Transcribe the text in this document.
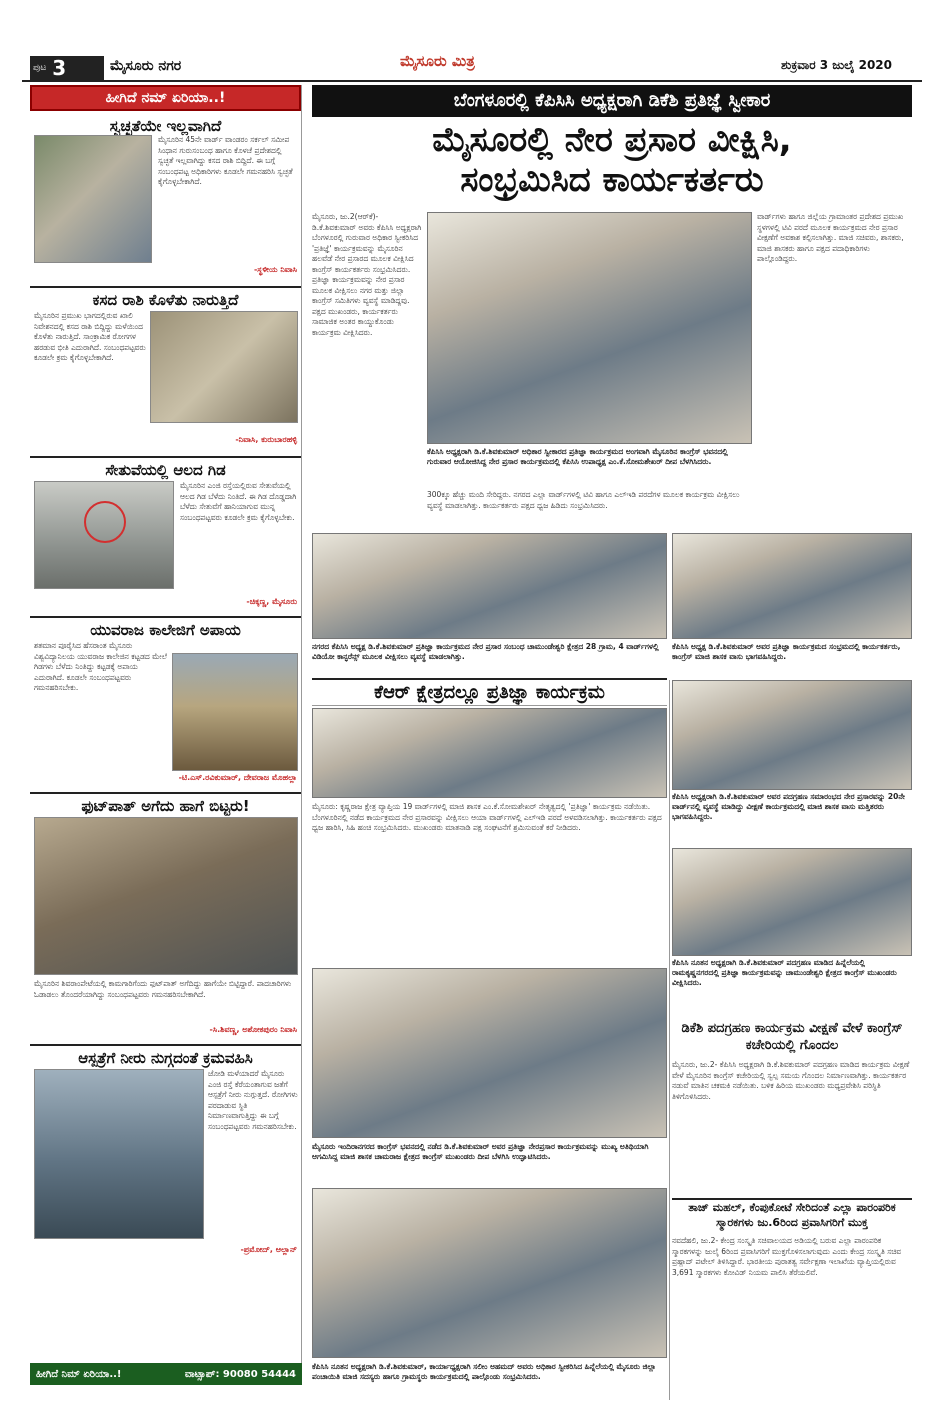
ಪುಟ 3	ಮೈಸೂರು ನಗರ	ಮೈಸೂರು ಮಿತ್ರ	ಶುಕ್ರವಾರ 3 ಜುಲೈ 2020
ಹೀಗಿದೆ ನಮ್ ಏರಿಯಾ..!
ಸ್ವಚ್ಛತೆಯೇ ಇಲ್ಲವಾಗಿದೆ
ಮೈಸೂರಿನ 45ನೇ ವಾರ್ಡ್ ವಾಂಡರಂ ಸರ್ಕಲ್ ಸಮೀಪ ಸಿಂಧಾನ ಗುರುಸಂಬಂಧ ಹಾಗೂ ಕೊಳಚೆ ಪ್ರದೇಶದಲ್ಲಿ ಸ್ವಚ್ಛತೆ ಇಲ್ಲವಾಗಿದ್ದು ಕಸದ ರಾಶಿ ಬಿದ್ದಿದೆ. ಈ ಬಗ್ಗೆ ಸಂಬಂಧಪಟ್ಟ ಅಧಿಕಾರಿಗಳು ಕೂಡಲೇ ಗಮನಹರಿಸಿ ಸ್ವಚ್ಛತೆ ಕೈಗೊಳ್ಳಬೇಕಾಗಿದೆ.
-ಸ್ಥಳೀಯ ನಿವಾಸಿ
ಕಸದ ರಾಶಿ ಕೊಳೆತು ನಾರುತ್ತಿದೆ
ಮೈಸೂರಿನ ಪ್ರಮುಖ ಭಾಗದಲ್ಲಿರುವ ಖಾಲಿ ನಿವೇಶನದಲ್ಲಿ ಕಸದ ರಾಶಿ ಬಿದ್ದಿದ್ದು ಮಳೆಯಿಂದ ಕೊಳೆತು ನಾರುತ್ತಿದೆ. ಸಾಂಕ್ರಾಮಿಕ ರೋಗಗಳ ಹರಡುವ ಭೀತಿ ಎದುರಾಗಿದೆ. ಸಂಬಂಧಪಟ್ಟವರು ಕೂಡಲೇ ಕ್ರಮ ಕೈಗೊಳ್ಳಬೇಕಾಗಿದೆ.
-ನಿವಾಸಿ, ಕುರುಬಾರಹಳ್ಳಿ
ಸೇತುವೆಯಲ್ಲಿ ಆಲದ ಗಿಡ
ಮೈಸೂರಿನ ಎಂಜಿ ರಸ್ತೆಯಲ್ಲಿರುವ ಸೇತುವೆಯಲ್ಲಿ ಆಲದ ಗಿಡ ಬೆಳೆದು ನಿಂತಿದೆ. ಈ ಗಿಡ ದೊಡ್ಡದಾಗಿ ಬೆಳೆದು ಸೇತುವೆಗೆ ಹಾನಿಯಾಗುವ ಮುನ್ನ ಸಂಬಂಧಪಟ್ಟವರು ಕೂಡಲೇ ಕ್ರಮ ಕೈಗೊಳ್ಳಬೇಕು.
-ಚಿಕ್ಕಣ್ಣ, ಮೈಸೂರು
ಯುವರಾಜ ಕಾಲೇಜಿಗೆ ಅಪಾಯ
ಶತಮಾನ ಪೂರೈಸಿದ ಹೆಸರಾಂತ ಮೈಸೂರು ವಿಶ್ವವಿದ್ಯಾನಿಲಯ ಯುವರಾಜ ಕಾಲೇಜಿನ ಕಟ್ಟಡದ ಮೇಲೆ ಗಿಡಗಳು ಬೆಳೆದು ನಿಂತಿದ್ದು ಕಟ್ಟಡಕ್ಕೆ ಅಪಾಯ ಎದುರಾಗಿದೆ. ಕೂಡಲೇ ಸಂಬಂಧಪಟ್ಟವರು ಗಮನಹರಿಸಬೇಕು.
-ಟಿ.ಎಸ್.ರವಿಕುಮಾರ್, ದೇವರಾಜ ಮೊಹಲ್ಲಾ
ಫುಟ್‌ಪಾತ್ ಅಗೆದು ಹಾಗೆ ಬಿಟ್ಟರು!
ಮೈಸೂರಿನ ಶಿವರಾಂಪೇಟೆಯಲ್ಲಿ ಕಾಮಗಾರಿಗೆಂದು ಫುಟ್‌ಪಾತ್ ಅಗೆದಿದ್ದು ಹಾಗೆಯೇ ಬಿಟ್ಟಿದ್ದಾರೆ. ಪಾದಚಾರಿಗಳು ಓಡಾಡಲು ತೊಂದರೆಯಾಗಿದ್ದು ಸಂಬಂಧಪಟ್ಟವರು ಗಮನಹರಿಸಬೇಕಾಗಿದೆ.
-ಸಿ.ಶಿವಣ್ಣ, ಅಶೋಕಪುರಂ ನಿವಾಸಿ
ಆಸ್ಪತ್ರೆಗೆ ನೀರು ನುಗ್ಗದಂತೆ ಕ್ರಮವಹಿಸಿ
ಜೋಡಿ ಮಳೆಯಾದರೆ ಮೈಸೂರು ಎಂಜಿ ರಸ್ತೆ ಕೆರೆಯಂತಾಗುವ ಜತೆಗೆ ಆಸ್ಪತ್ರೆಗೆ ನೀರು ನುಗ್ಗುತ್ತದೆ. ರೋಗಿಗಳು ಪರದಾಡುವ ಸ್ಥಿತಿ ನಿರ್ಮಾಣವಾಗುತ್ತಿದ್ದು ಈ ಬಗ್ಗೆ ಸಂಬಂಧಪಟ್ಟವರು ಗಮನಹರಿಸಬೇಕು.
-ಪ್ರಮೋದ್, ಆಲ್ಲಾನ್
ಹೀಗಿದೆ ನಿಮ್ ಏರಿಯಾ..!	ವಾಟ್ಸಾಪ್: 90080 54444
ಬೆಂಗಳೂರಲ್ಲಿ ಕೆಪಿಸಿಸಿ ಅಧ್ಯಕ್ಷರಾಗಿ ಡಿಕೆಶಿ ಪ್ರತಿಜ್ಞೆ ಸ್ವೀಕಾರ
ಮೈಸೂರಲ್ಲಿ ನೇರ ಪ್ರಸಾರ ವೀಕ್ಷಿಸಿ,
ಸಂಭ್ರಮಿಸಿದ ಕಾರ್ಯಕರ್ತರು
ಮೈಸೂರು, ಜು.2(ಆರ್‌ಕೆ)- ಡಿ.ಕೆ.ಶಿವಕುಮಾರ್ ಅವರು ಕೆಪಿಸಿಸಿ ಅಧ್ಯಕ್ಷರಾಗಿ ಬೆಂಗಳೂರಲ್ಲಿ ಗುರುವಾರ ಅಧಿಕಾರ ಸ್ವೀಕರಿಸಿದ 'ಪ್ರತಿಜ್ಞೆ' ಕಾರ್ಯಕ್ರಮವನ್ನು ಮೈಸೂರಿನ ಹಲವೆಡೆ ನೇರ ಪ್ರಸಾರದ ಮೂಲಕ ವೀಕ್ಷಿಸಿದ ಕಾಂಗ್ರೆಸ್ ಕಾರ್ಯಕರ್ತರು ಸಂಭ್ರಮಿಸಿದರು. ಪ್ರತಿಜ್ಞಾ ಕಾರ್ಯಕ್ರಮವನ್ನು ನೇರ ಪ್ರಸಾರ ಮೂಲಕ ವೀಕ್ಷಿಸಲು ನಗರ ಮತ್ತು ಜಿಲ್ಲಾ ಕಾಂಗ್ರೆಸ್ ಸಮಿತಿಗಳು ವ್ಯವಸ್ಥೆ ಮಾಡಿದ್ದವು. ಪಕ್ಷದ ಮುಖಂಡರು, ಕಾರ್ಯಕರ್ತರು ಸಾಮಾಜಿಕ ಅಂತರ ಕಾಯ್ದುಕೊಂಡು ಕಾರ್ಯಕ್ರಮ ವೀಕ್ಷಿಸಿದರು.
ಕೆಪಿಸಿಸಿ ಅಧ್ಯಕ್ಷರಾಗಿ ಡಿ.ಕೆ.ಶಿವಕುಮಾರ್ ಅಧಿಕಾರ ಸ್ವೀಕಾರದ ಪ್ರತಿಜ್ಞಾ ಕಾರ್ಯಕ್ರಮದ ಅಂಗವಾಗಿ ಮೈಸೂರಿನ ಕಾಂಗ್ರೆಸ್ ಭವನದಲ್ಲಿ ಗುರುವಾರ ಆಯೋಜಿಸಿದ್ದ ನೇರ ಪ್ರಸಾರ ಕಾರ್ಯಕ್ರಮದಲ್ಲಿ ಕೆಪಿಸಿಸಿ ಉಪಾಧ್ಯಕ್ಷ ಎಂ.ಕೆ.ಸೋಮಶೇಖರ್ ದೀಪ ಬೆಳಗಿಸಿದರು.
300ಕ್ಕೂ ಹೆಚ್ಚು ಮಂದಿ ಸೇರಿದ್ದರು. ನಗರದ ಎಲ್ಲಾ ವಾರ್ಡ್‌ಗಳಲ್ಲಿ ಟಿವಿ ಹಾಗೂ ಎಲ್‌ಇಡಿ ಪರದೆಗಳ ಮೂಲಕ ಕಾರ್ಯಕ್ರಮ ವೀಕ್ಷಿಸಲು ವ್ಯವಸ್ಥೆ ಮಾಡಲಾಗಿತ್ತು. ಕಾರ್ಯಕರ್ತರು ಪಕ್ಷದ ಧ್ವಜ ಹಿಡಿದು ಸಂಭ್ರಮಿಸಿದರು.
ವಾರ್ಡ್‌ಗಳು ಹಾಗೂ ಜಿಲ್ಲೆಯ ಗ್ರಾಮಾಂತರ ಪ್ರದೇಶದ ಪ್ರಮುಖ ಸ್ಥಳಗಳಲ್ಲಿ ಟಿವಿ ಪರದೆ ಮೂಲಕ ಕಾರ್ಯಕ್ರಮದ ನೇರ ಪ್ರಸಾರ ವೀಕ್ಷಣೆಗೆ ಅವಕಾಶ ಕಲ್ಪಿಸಲಾಗಿತ್ತು. ಮಾಜಿ ಸಚಿವರು, ಶಾಸಕರು, ಮಾಜಿ ಶಾಸಕರು ಹಾಗೂ ಪಕ್ಷದ ಪದಾಧಿಕಾರಿಗಳು ಪಾಲ್ಗೊಂಡಿದ್ದರು.
ನಗರದ ಕೆಪಿಸಿಸಿ ಅಧ್ಯಕ್ಷ ಡಿ.ಕೆ.ಶಿವಕುಮಾರ್ ಪ್ರತಿಜ್ಞಾ ಕಾರ್ಯಕ್ರಮದ ನೇರ ಪ್ರಸಾರ ಸಂಬಂಧ ಚಾಮುಂಡೇಶ್ವರಿ ಕ್ಷೇತ್ರದ 28 ಗ್ರಾಮ, 4 ವಾರ್ಡ್‌ಗಳಲ್ಲಿ ವಿಡಿಯೋ ಕಾನ್ಫರೆನ್ಸ್ ಮೂಲಕ ವೀಕ್ಷಿಸಲು ವ್ಯವಸ್ಥೆ ಮಾಡಲಾಗಿತ್ತು.
ಕೆಪಿಸಿಸಿ ಅಧ್ಯಕ್ಷ ಡಿ.ಕೆ.ಶಿವಕುಮಾರ್ ಅವರ ಪ್ರತಿಜ್ಞಾ ಕಾರ್ಯಕ್ರಮದ ಸಂಭ್ರಮದಲ್ಲಿ ಕಾರ್ಯಕರ್ತರು, ಕಾಂಗ್ರೆಸ್ ಮಾಜಿ ಶಾಸಕ ವಾಸು ಭಾಗವಹಿಸಿದ್ದರು.
ಕೆಆರ್ ಕ್ಷೇತ್ರದಲ್ಲೂ ಪ್ರತಿಜ್ಞಾ ಕಾರ್ಯಕ್ರಮ
ಮೈಸೂರು: ಕೃಷ್ಣರಾಜ ಕ್ಷೇತ್ರ ವ್ಯಾಪ್ತಿಯ 19 ವಾರ್ಡ್‌ಗಳಲ್ಲಿ ಮಾಜಿ ಶಾಸಕ ಎಂ.ಕೆ.ಸೋಮಶೇಖರ್ ನೇತೃತ್ವದಲ್ಲಿ 'ಪ್ರತಿಜ್ಞಾ' ಕಾರ್ಯಕ್ರಮ ನಡೆಯಿತು. ಬೆಂಗಳೂರಿನಲ್ಲಿ ನಡೆದ ಕಾರ್ಯಕ್ರಮದ ನೇರ ಪ್ರಸಾರವನ್ನು ವೀಕ್ಷಿಸಲು ಆಯಾ ವಾರ್ಡ್‌ಗಳಲ್ಲಿ ಎಲ್‌ಇಡಿ ಪರದೆ ಅಳವಡಿಸಲಾಗಿತ್ತು. ಕಾರ್ಯಕರ್ತರು ಪಕ್ಷದ ಧ್ವಜ ಹಾರಿಸಿ, ಸಿಹಿ ಹಂಚಿ ಸಂಭ್ರಮಿಸಿದರು. ಮುಖಂಡರು ಮಾತನಾಡಿ ಪಕ್ಷ ಸಂಘಟನೆಗೆ ಶ್ರಮಿಸುವಂತೆ ಕರೆ ನೀಡಿದರು.
ಮೈಸೂರು ಇಂದಿರಾನಗರದ ಕಾಂಗ್ರೆಸ್ ಭವನದಲ್ಲಿ ನಡೆದ ಡಿ.ಕೆ.ಶಿವಕುಮಾರ್ ಅವರ ಪ್ರತಿಜ್ಞಾ ನೇರಪ್ರಸಾರ ಕಾರ್ಯಕ್ರಮವನ್ನು ಮುಖ್ಯ ಅತಿಥಿಯಾಗಿ ಆಗಮಿಸಿದ್ದ ಮಾಜಿ ಶಾಸಕ ಚಾಮರಾಜ ಕ್ಷೇತ್ರದ ಕಾಂಗ್ರೆಸ್ ಮುಖಂಡರು ದೀಪ ಬೆಳಗಿಸಿ ಉದ್ಘಾಟಿಸಿದರು.
ಕೆಪಿಸಿಸಿ ನೂತನ ಅಧ್ಯಕ್ಷರಾಗಿ ಡಿ.ಕೆ.ಶಿವಕುಮಾರ್, ಕಾರ್ಯಾಧ್ಯಕ್ಷರಾಗಿ ಸಲೀಂ ಅಹಮದ್ ಅವರು ಅಧಿಕಾರ ಸ್ವೀಕರಿಸಿದ ಹಿನ್ನೆಲೆಯಲ್ಲಿ ಮೈಸೂರು ಜಿಲ್ಲಾ ಪಂಚಾಯಿತಿ ಮಾಜಿ ಸದಸ್ಯರು ಹಾಗೂ ಗ್ರಾಮಸ್ಥರು ಕಾರ್ಯಕ್ರಮದಲ್ಲಿ ಪಾಲ್ಗೊಂಡು ಸಂಭ್ರಮಿಸಿದರು.
ಕೆಪಿಸಿಸಿ ಅಧ್ಯಕ್ಷರಾಗಿ ಡಿ.ಕೆ.ಶಿವಕುಮಾರ್ ಅವರ ಪದಗ್ರಹಣ ಸಮಾರಂಭದ ನೇರ ಪ್ರಸಾರವನ್ನು 20ನೇ ವಾರ್ಡ್‌ನಲ್ಲಿ ವ್ಯವಸ್ಥೆ ಮಾಡಿದ್ದು ವೀಕ್ಷಣೆ ಕಾರ್ಯಕ್ರಮದಲ್ಲಿ ಮಾಜಿ ಶಾಸಕ ವಾಸು ಮತ್ತಿತರರು ಭಾಗವಹಿಸಿದ್ದರು.
ಕೆಪಿಸಿಸಿ ನೂತನ ಅಧ್ಯಕ್ಷರಾಗಿ ಡಿ.ಕೆ.ಶಿವಕುಮಾರ್ ಪದಗ್ರಹಣ ಮಾಡಿದ ಹಿನ್ನೆಲೆಯಲ್ಲಿ ರಾಮಕೃಷ್ಣನಗರದಲ್ಲಿ ಪ್ರತಿಜ್ಞಾ ಕಾರ್ಯಕ್ರಮವನ್ನು ಚಾಮುಂಡೇಶ್ವರಿ ಕ್ಷೇತ್ರದ ಕಾಂಗ್ರೆಸ್ ಮುಖಂಡರು ವೀಕ್ಷಿಸಿದರು.
ಡಿಕೆಶಿ ಪದಗ್ರಹಣ ಕಾರ್ಯಕ್ರಮ ವೀಕ್ಷಣೆ ವೇಳೆ ಕಾಂಗ್ರೆಸ್ ಕಚೇರಿಯಲ್ಲಿ ಗೊಂದಲ
ಮೈಸೂರು, ಜು.2- ಕೆಪಿಸಿಸಿ ಅಧ್ಯಕ್ಷರಾಗಿ ಡಿ.ಕೆ.ಶಿವಕುಮಾರ್ ಪದಗ್ರಹಣ ಮಾಡಿದ ಕಾರ್ಯಕ್ರಮ ವೀಕ್ಷಣೆ ವೇಳೆ ಮೈಸೂರಿನ ಕಾಂಗ್ರೆಸ್ ಕಚೇರಿಯಲ್ಲಿ ಸ್ವಲ್ಪ ಸಮಯ ಗೊಂದಲ ನಿರ್ಮಾಣವಾಗಿತ್ತು. ಕಾರ್ಯಕರ್ತರ ನಡುವೆ ಮಾತಿನ ಚಕಮಕಿ ನಡೆಯಿತು. ಬಳಿಕ ಹಿರಿಯ ಮುಖಂಡರು ಮಧ್ಯಪ್ರವೇಶಿಸಿ ಪರಿಸ್ಥಿತಿ ತಿಳಿಗೊಳಿಸಿದರು.
ತಾಜ್ ಮಹಲ್, ಕೆಂಪುಕೋಟೆ ಸೇರಿದಂತೆ ಎಲ್ಲಾ ಪಾರಂಪರಿಕ ಸ್ಮಾರಕಗಳು ಜು.6ರಿಂದ ಪ್ರವಾಸಿಗರಿಗೆ ಮುಕ್ತ
ನವದೆಹಲಿ, ಜು.2- ಕೇಂದ್ರ ಸಂಸ್ಕೃತಿ ಸಚಿವಾಲಯದ ಅಡಿಯಲ್ಲಿ ಬರುವ ಎಲ್ಲಾ ಪಾರಂಪರಿಕ ಸ್ಮಾರಕಗಳನ್ನು ಜುಲೈ 6ರಿಂದ ಪ್ರವಾಸಿಗರಿಗೆ ಮುಕ್ತಗೊಳಿಸಲಾಗುವುದು ಎಂದು ಕೇಂದ್ರ ಸಂಸ್ಕೃತಿ ಸಚಿವ ಪ್ರಹ್ಲಾದ್ ಪಟೇಲ್ ತಿಳಿಸಿದ್ದಾರೆ. ಭಾರತೀಯ ಪುರಾತತ್ವ ಸರ್ವೇಕ್ಷಣಾ ಇಲಾಖೆಯ ವ್ಯಾಪ್ತಿಯಲ್ಲಿರುವ 3,691 ಸ್ಮಾರಕಗಳು ಕೋವಿಡ್ ನಿಯಮ ಪಾಲಿಸಿ ತೆರೆಯಲಿವೆ.
